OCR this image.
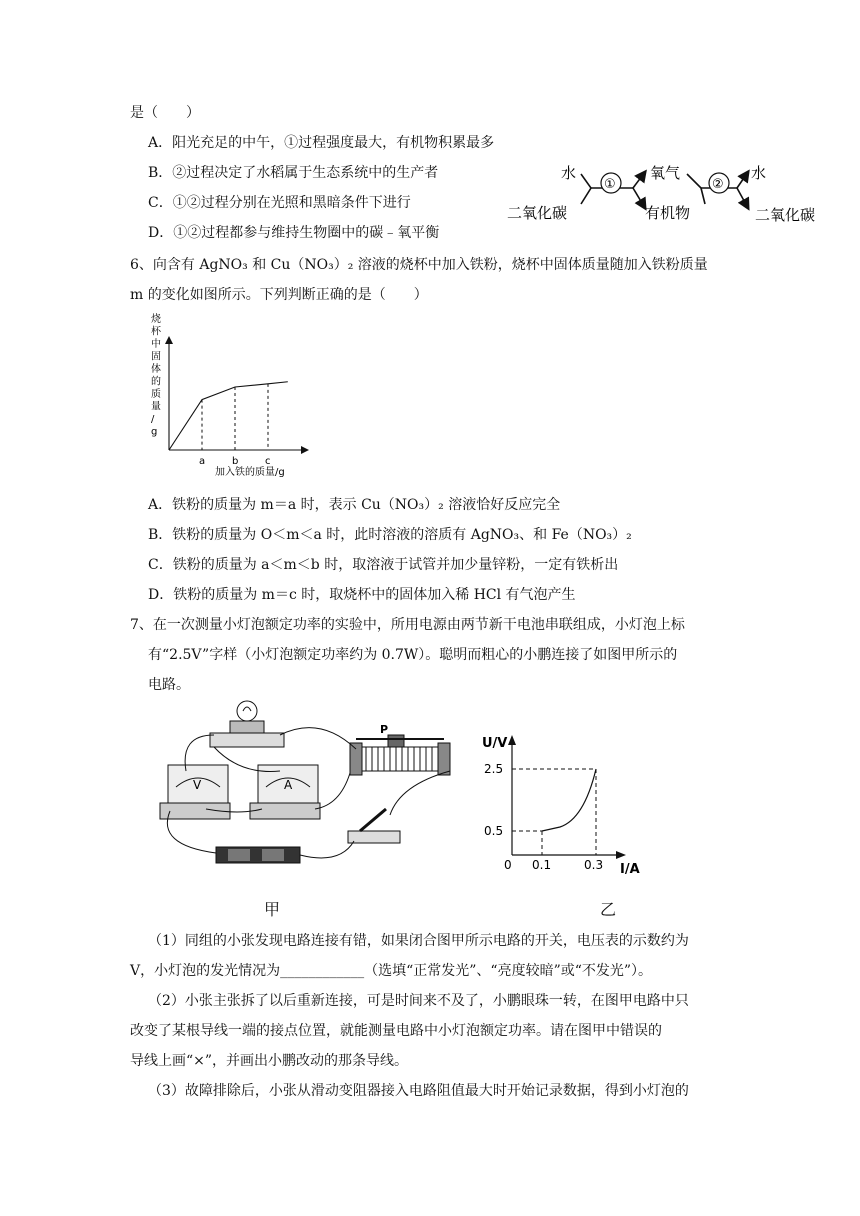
是（　　）
A．阳光充足的中午，①过程强度最大，有机物积累最多
B．②过程决定了水稻属于生态系统中的生产者
C．①②过程分别在光照和黑暗条件下进行
D．①②过程都参与维持生物圈中的碳﹣氧平衡
水
二氧化碳
①
氧气
有机物
②
水
二氧化碳
6、向含有 AgNO₃ 和 Cu（NO₃）₂ 溶液的烧杯中加入铁粉，烧杯中固体质量随加入铁粉质量
m 的变化如图所示。下列判断正确的是（　　）
烧
杯
中
固
体
的
质
量
/
g
a	b	c
加入铁的质量/g
A．铁粉的质量为 m＝a 时，表示 Cu（NO₃）₂ 溶液恰好反应完全
B．铁粉的质量为 O＜m＜a 时，此时溶液的溶质有 AgNO₃、和 Fe（NO₃）₂
C．铁粉的质量为 a＜m＜b 时，取溶液于试管并加少量锌粉，一定有铁析出
D．铁粉的质量为 m＝c 时，取烧杯中的固体加入稀 HCl 有气泡产生
7、在一次测量小灯泡额定功率的实验中，所用电源由两节新干电池串联组成，小灯泡上标
有“2.5V”字样（小灯泡额定功率约为 0.7W）。聪明而粗心的小鹏连接了如图甲所示的
电路。
V	A
P
U/V
I/A
2.5
0.5
0 0.1	0.3
甲	乙
（1）同组的小张发现电路连接有错，如果闭合图甲所示电路的开关，电压表的示数约为
V，小灯泡的发光情况为____________（选填“正常发光”、“亮度较暗”或“不发光”）。
（2）小张主张拆了以后重新连接，可是时间来不及了，小鹏眼珠一转，在图甲电路中只
改变了某根导线一端的接点位置，就能测量电路中小灯泡额定功率。请在图甲中错误的
导线上画“×”，并画出小鹏改动的那条导线。
（3）故障排除后，小张从滑动变阻器接入电路阻值最大时开始记录数据，得到小灯泡的
